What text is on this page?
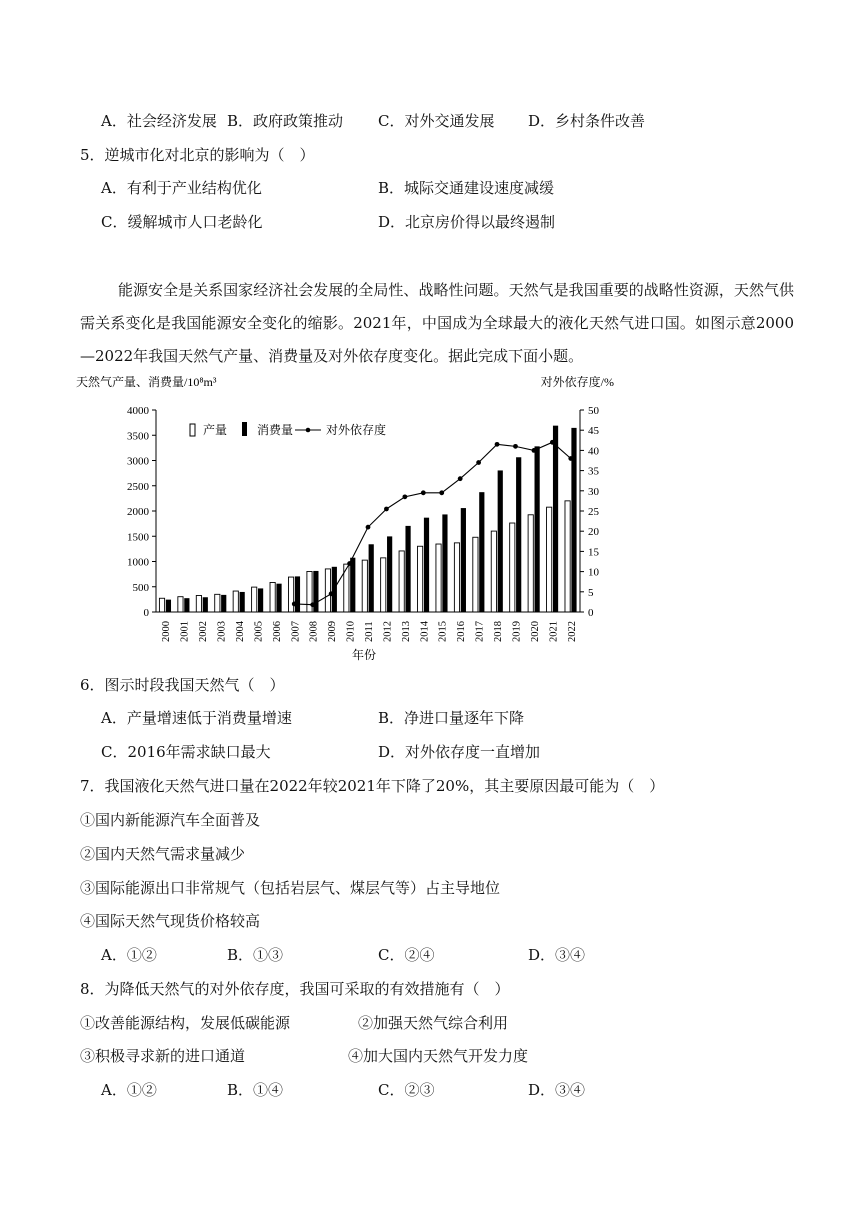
A．社会经济发展 B．政府政策推动 C．对外交通发展 D．乡村条件改善
5．逆城市化对北京的影响为（　）
A．有利于产业结构优化	B．城际交通建设速度减缓
C．缓解城市人口老龄化	D．北京房价得以最终遏制
能源安全是关系国家经济社会发展的全局性、战略性问题。天然气是我国重要的战略性资源，天然气供需关系变化是我国能源安全变化的缩影。2021年，中国成为全球最大的液化天然气进口国。如图示意2000—2022年我国天然气产量、消费量及对外依存度变化。据此完成下面小题。
天然气产量、消费量/10⁸m³	对外依存度/%
0
500
1000
1500
2000
2500
3000
3500
4000
0
5
10
15
20
25
30
35
40
45
50
2000 2001 2002 2003 2004 2005 2006 2007 2008 2009 2010 2011 2012 2013 2014 2015 2016 2017 2018 2019 2020 2021 2022
产量 消费量	对外依存度
年份
6．图示时段我国天然气（　）
A．产量增速低于消费量增速	B．净进口量逐年下降
C．2016年需求缺口最大	D．对外依存度一直增加
7．我国液化天然气进口量在2022年较2021年下降了20%，其主要原因最可能为（　）
①国内新能源汽车全面普及
②国内天然气需求量减少
③国际能源出口非常规气（包括岩层气、煤层气等）占主导地位
④国际天然气现货价格较高
A．①②	B．①③	C．②④	D．③④
8．为降低天然气的对外依存度，我国可采取的有效措施有（　）
①改善能源结构，发展低碳能源	②加强天然气综合利用
③积极寻求新的进口通道	④加大国内天然气开发力度
A．①②	B．①④	C．②③	D．③④
